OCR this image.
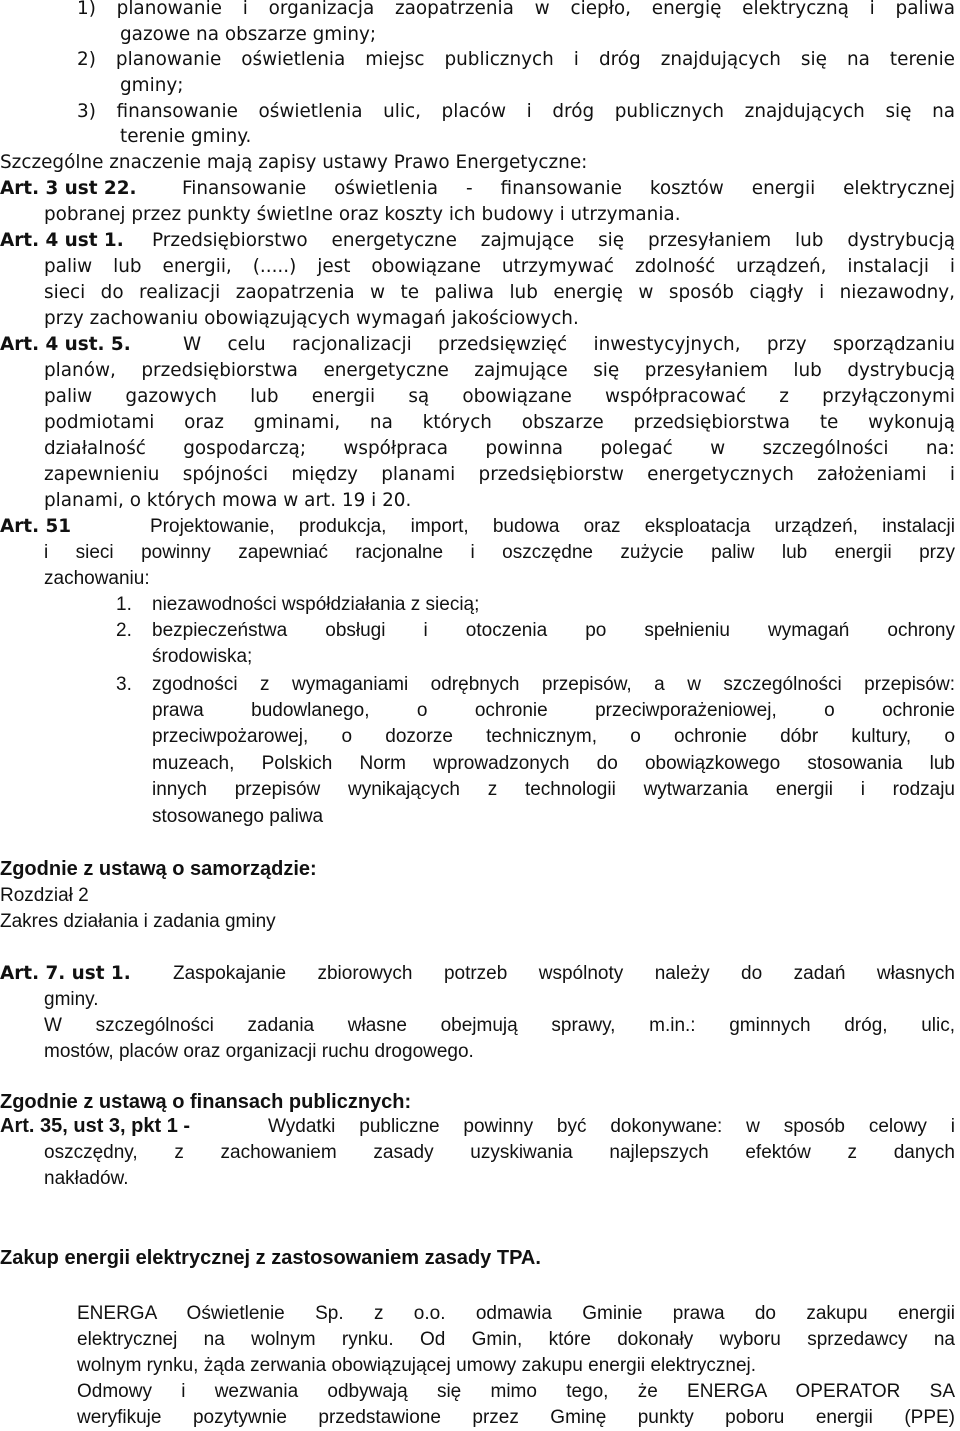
1) planowanie i organizacja zaopatrzenia w ciepło, energię elektryczną i paliwa
gazowe na obszarze gminy;
2) planowanie oświetlenia miejsc publicznych i dróg znajdujących się na terenie
gminy;
3) finansowanie oświetlenia ulic, placów i dróg publicznych znajdujących się na
terenie gminy.
Szczególne znaczenie mają zapisy ustawy Prawo Energetyczne:
Art. 3 ust 22. Finansowanie oświetlenia - finansowanie kosztów energii elektrycznej
pobranej przez punkty świetlne oraz koszty ich budowy i utrzymania.
Art. 4 ust 1. Przedsiębiorstwo energetyczne zajmujące się przesyłaniem lub dystrybucją
paliw lub energii, (.....) jest obowiązane utrzymywać zdolność urządzeń, instalacji i
sieci do realizacji zaopatrzenia w te paliwa lub energię w sposób ciągły i niezawodny,
przy zachowaniu obowiązujących wymagań jakościowych.
Art. 4 ust. 5.	W celu racjonalizacji przedsięwzięć inwestycyjnych, przy sporządzaniu
planów, przedsiębiorstwa energetyczne zajmujące się przesyłaniem lub dystrybucją
paliw gazowych lub energii są obowiązane współpracować z przyłączonymi
podmiotami oraz gminami, na których obszarze przedsiębiorstwa te wykonują
działalność gospodarczą; współpraca powinna polegać w szczególności na:
zapewnieniu spójności między planami przedsiębiorstw energetycznych założeniami i
planami, o których mowa w art. 19 i 20.
Art. 51	Projektowanie, produkcja, import, budowa oraz eksploatacja urządzeń, instalacji
i sieci powinny zapewniać racjonalne i oszczędne zużycie paliw lub energii przy
zachowaniu:
1. niezawodności współdziałania z siecią;
2. bezpieczeństwa obsługi i otoczenia po spełnieniu wymagań ochrony
środowiska;
3. zgodności z wymaganiami odrębnych przepisów, a w szczególności przepisów:
prawa budowlanego, o ochronie przeciwporażeniowej, o ochronie
przeciwpożarowej, o dozorze technicznym, o ochronie dóbr kultury, o
muzeach, Polskich Norm wprowadzonych do obowiązkowego stosowania lub
innych przepisów wynikających z technologii wytwarzania energii i rodzaju
stosowanego paliwa
Zgodnie z ustawą o samorządzie:
Rozdział 2
Zakres działania i zadania gminy
Art. 7. ust 1. Zaspokajanie zbiorowych potrzeb wspólnoty należy do zadań własnych
gminy.
W szczególności zadania własne obejmują sprawy, m.in.: gminnych dróg, ulic,
mostów, placów oraz organizacji ruchu drogowego.
Zgodnie z ustawą o finansach publicznych:
Art. 35, ust 3, pkt 1 -	Wydatki publiczne powinny być dokonywane: w sposób celowy i
oszczędny, z zachowaniem zasady uzyskiwania najlepszych efektów z danych
nakładów.
Zakup energii elektrycznej z zastosowaniem zasady TPA.
ENERGA Oświetlenie Sp. z o.o. odmawia Gminie prawa do zakupu energii
elektrycznej na wolnym rynku. Od Gmin, które dokonały wyboru sprzedawcy na
wolnym rynku, żąda zerwania obowiązującej umowy zakupu energii elektrycznej.
Odmowy i wezwania odbywają się mimo tego, że ENERGA OPERATOR SA
weryfikuje pozytywnie przedstawione przez Gminę punkty poboru energii (PPE)
